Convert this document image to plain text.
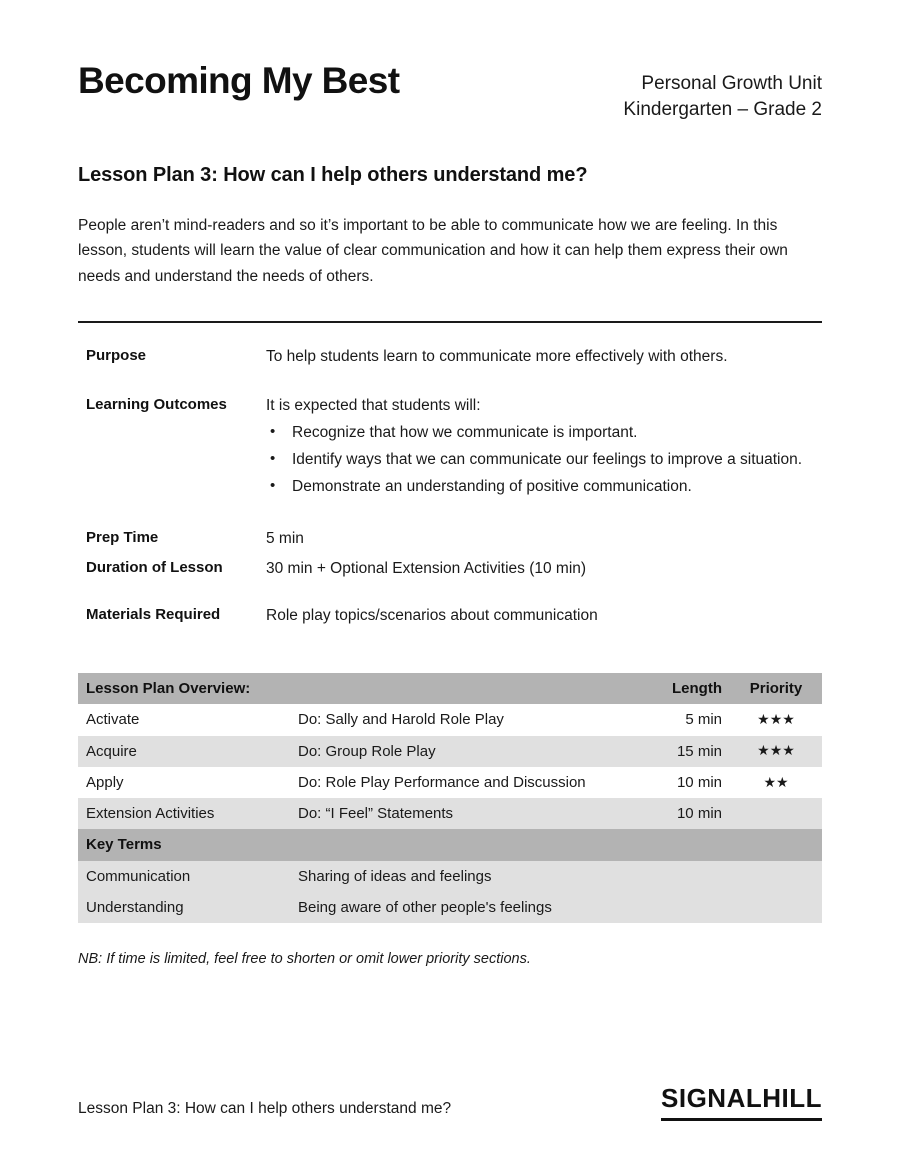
Becoming My Best	Personal Growth Unit
Kindergarten – Grade 2
Lesson Plan 3: How can I help others understand me?

People aren’t mind-readers and so it’s important to be able to communicate how we are feeling. In this lesson, students will learn the value of clear communication and how it can help them express their own needs and understand the needs of others.

Purpose	To help students learn to communicate more effectively with others.
Learning Outcomes	It is expected that students will:
• Recognize that how we communicate is important.
• Identify ways that we can communicate our feelings to improve a situation.
• Demonstrate an understanding of positive communication.
Prep Time	5 min
Duration of Lesson	30 min + Optional Extension Activities (10 min)
Materials Required	Role play topics/scenarios about communication
Lesson Plan Overview:		Length	Priority
Activate	Do: Sally and Harold Role Play	5 min	★★★
Acquire	Do: Group Role Play	15 min	★★★
Apply	Do: Role Play Performance and Discussion	10 min	★★
Extension Activities	Do: “I Feel” Statements	10 min	
Key Terms			
Communication	Sharing of ideas and feelings		
Understanding	Being aware of other people's feelings		
NB: If time is limited, feel free to shorten or omit lower priority sections.
Lesson Plan 3: How can I help others understand me?	SIGNALHILL
